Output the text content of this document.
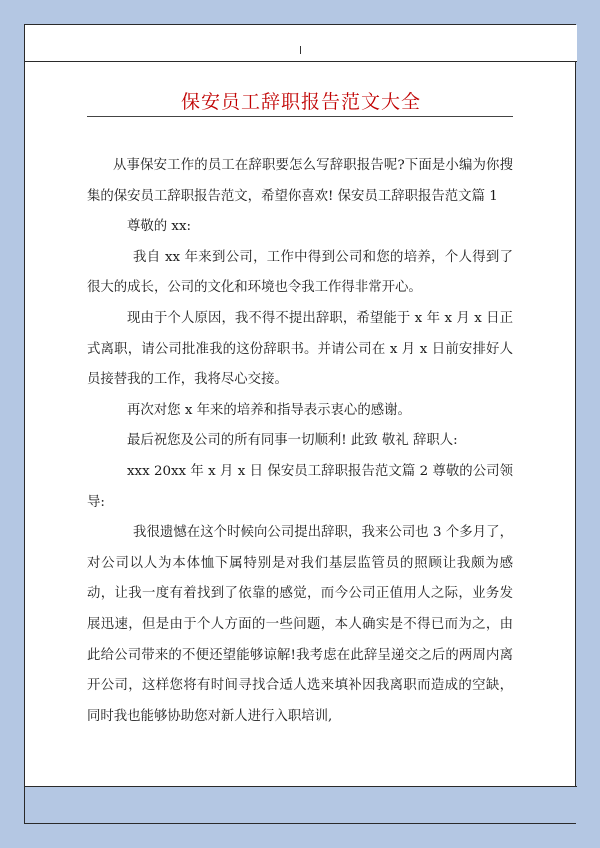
保安员工辞职报告范文大全

从事保安工作的员工在辞职要怎么写辞职报告呢?下面是小编为你搜集的保安员工辞职报告范文，希望你喜欢! 保安员工辞职报告范文篇 1

尊敬的 xx:

我自 xx 年来到公司，工作中得到公司和您的培养，个人得到了很大的成长，公司的文化和环境也令我工作得非常开心。

现由于个人原因，我不得不提出辞职，希望能于 x 年 x 月 x 日正式离职，请公司批准我的这份辞职书。并请公司在 x 月 x 日前安排好人员接替我的工作，我将尽心交接。

再次对您 x 年来的培养和指导表示衷心的感谢。

最后祝您及公司的所有同事一切顺利! 此致 敬礼 辞职人:

xxx 20xx 年 x 月 x 日 保安员工辞职报告范文篇 2 尊敬的公司领导:

我很遗憾在这个时候向公司提出辞职，我来公司也 3 个多月了，对公司以人为本体恤下属特别是对我们基层监管员的照顾让我颇为感动，让我一度有着找到了依靠的感觉，而今公司正值用人之际，业务发展迅速，但是由于个人方面的一些问题，本人确实是不得已而为之，由此给公司带来的不便还望能够谅解!我考虑在此辞呈递交之后的两周内离开公司，这样您将有时间寻找合适人选来填补因我离职而造成的空缺，同时我也能够协助您对新人进行入职培训,
